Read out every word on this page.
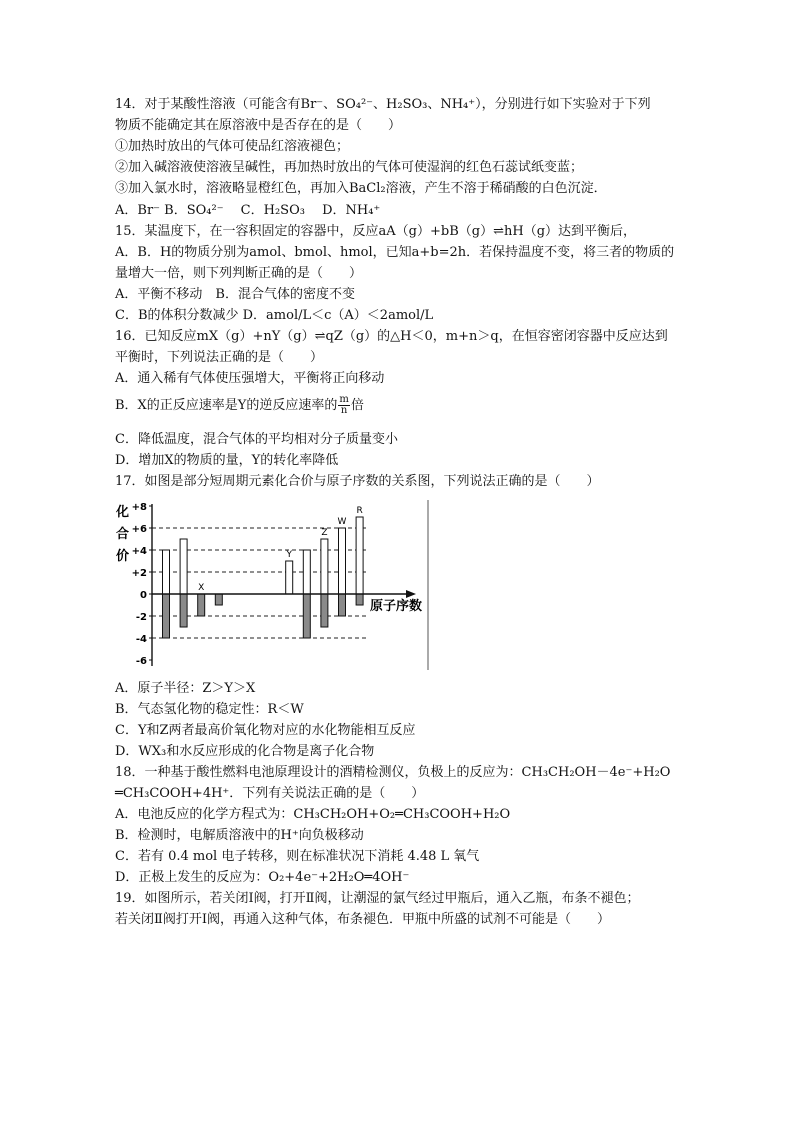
14．对于某酸性溶液（可能含有Br⁻、SO₄²⁻、H₂SO₃、NH₄⁺），分别进行如下实验对于下列
物质不能确定其在原溶液中是否存在的是（　　）
①加热时放出的气体可使品红溶液褪色；
②加入碱溶液使溶液呈碱性，再加热时放出的气体可使湿润的红色石蕊试纸变蓝；
③加入氯水时，溶液略显橙红色，再加入BaCl₂溶液，产生不溶于稀硝酸的白色沉淀．
A．Br⁻ B．SO₄²⁻　 C．H₂SO₃　 D．NH₄⁺
15．某温度下，在一容积固定的容器中，反应aA（g）+bB（g）⇌hH（g）达到平衡后，
A．B．H的物质分别为amol、bmol、hmol，已知a+b=2h．若保持温度不变，将三者的物质的
量增大一倍，则下列判断正确的是（　　）
A．平衡不移动　B．混合气体的密度不变
C．B的体积分数减少 D．amol/L＜c（A）＜2amol/L
16．已知反应mX（g）+nY（g）⇌qZ（g）的△H＜0，m+n＞q，在恒容密闭容器中反应达到
平衡时，下列说法正确的是（　　）
A．通入稀有气体使压强增大，平衡将正向移动
B．X的正反应速率是Y的逆反应速率的 $\frac{m}{n}$ 倍
C．降低温度，混合气体的平均相对分子质量变小
D．增加X的物质的量，Y的转化率降低
17．如图是部分短周期元素化合价与原子序数的关系图，下列说法正确的是（　　）
化
合
价
+8
+6
+4
+2
0
-2
-4
-6
X
Y
Z
W
R
原子序数
A．原子半径：Z＞Y＞X
B．气态氢化物的稳定性：R＜W
C．Y和Z两者最高价氧化物对应的水化物能相互反应
D．WX₃和水反应形成的化合物是离子化合物
18．一种基于酸性燃料电池原理设计的酒精检测仪，负极上的反应为：CH₃CH₂OH－4e⁻+H₂O
═CH₃COOH+4H⁺．下列有关说法正确的是（　　）
A．电池反应的化学方程式为：CH₃CH₂OH+O₂═CH₃COOH+H₂O
B．检测时，电解质溶液中的H⁺向负极移动
C．若有 0.4 mol 电子转移，则在标准状况下消耗 4.48 L 氧气
D．正极上发生的反应为：O₂+4e⁻+2H₂O═4OH⁻
19．如图所示，若关闭Ⅰ阀，打开Ⅱ阀，让潮湿的氯气经过甲瓶后，通入乙瓶，布条不褪色；
若关闭Ⅱ阀打开Ⅰ阀，再通入这种气体，布条褪色．甲瓶中所盛的试剂不可能是（　　）
